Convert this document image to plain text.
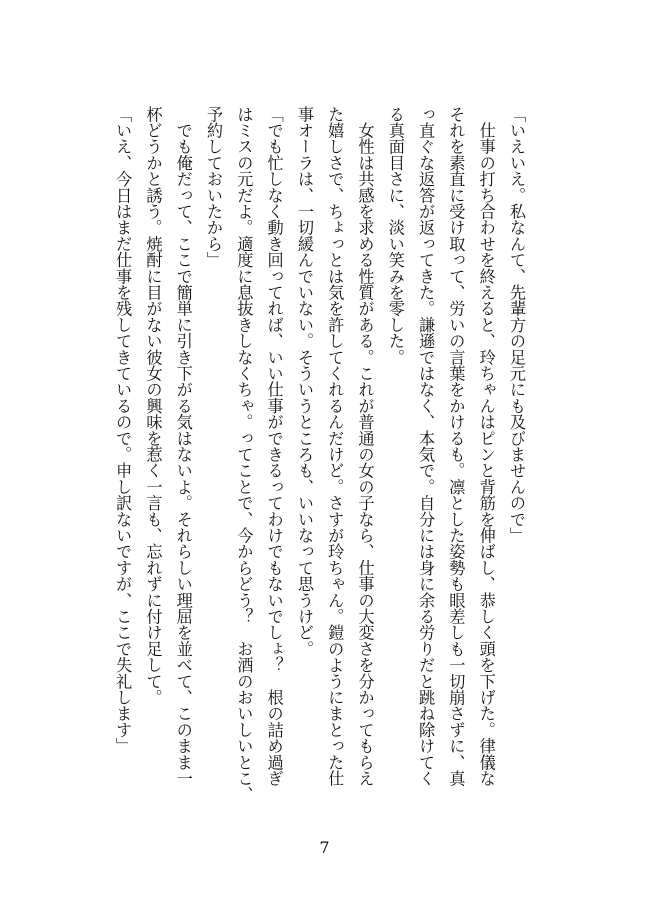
「いえいえ。私なんて、先輩方の足元にも及びませんので」
　仕事の打ち合わせを終えると、玲ちゃんはピンと背筋を伸ばし、恭しく頭を下げた。律儀な
それを素直に受け取って、労いの言葉をかけるも。凛とした姿勢も眼差しも一切崩さずに、真
っ直ぐな返答が返ってきた。謙遜ではなく、本気で。自分には身に余る労りだと跳ね除けてく
る真面目さに、淡い笑みを零した。
　女性は共感を求める性質がある。これが普通の女の子なら、仕事の大変さを分かってもらえ
た嬉しさで、ちょっとは気を許してくれるんだけど。さすが玲ちゃん。鎧のようにまとった仕
事オーラは、一切緩んでいない。そういうところも、いいなって思うけど。
「でも忙しなく動き回ってれば、いい仕事ができるってわけでもないでしょ？　根の詰め過ぎ
はミスの元だよ。適度に息抜きしなくちゃ。ってことで、今からどう？　お酒のおいしいとこ、
予約しておいたから」
　でも俺だって、ここで簡単に引き下がる気はないよ。それらしい理屈を並べて、このまま一
杯どうかと誘う。焼酎に目がない彼女の興味を惹く一言も、忘れずに付け足して。
「いえ、今日はまだ仕事を残してきているので。申し訳ないですが、ここで失礼します」
7
